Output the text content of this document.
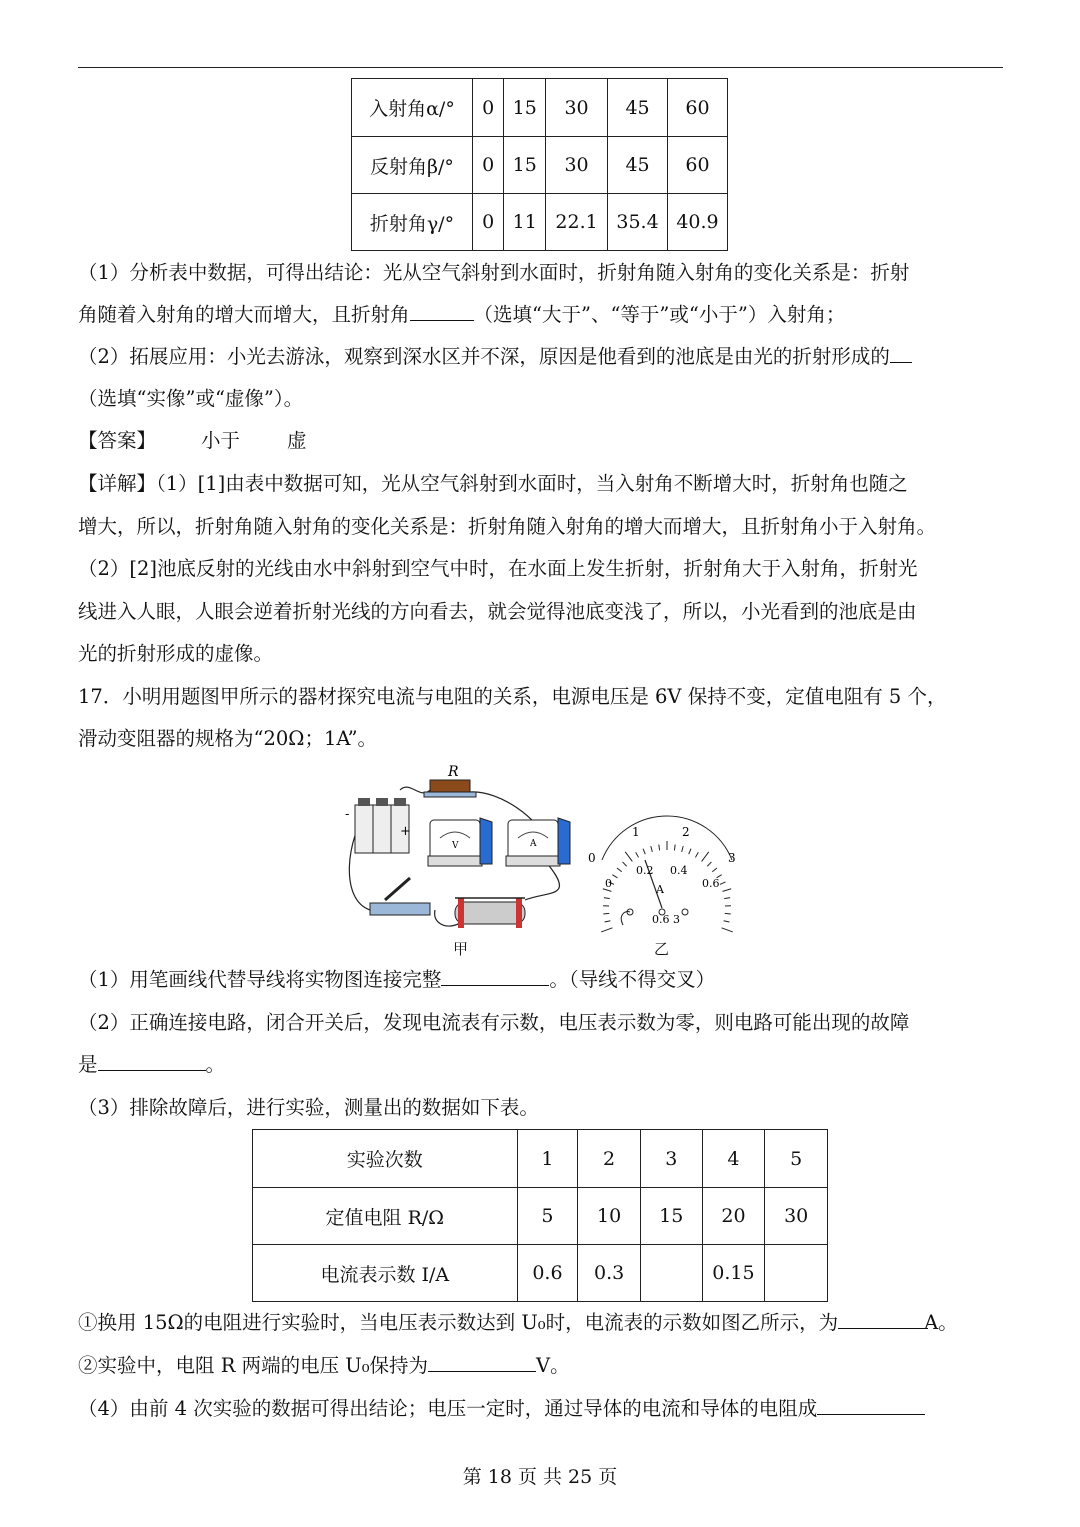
入射角α/°	0	15	30	45	60
反射角β/°	0	15	30	45	60
折射角γ/°	0	11	22.1	35.4	40.9
（1）分析表中数据，可得出结论：光从空气斜射到水面时，折射角随入射角的变化关系是：折射
角随着入射角的增大而增大，且折射角	（选填“大于”、“等于”或“小于”）入射角；
（2）拓展应用：小光去游泳，观察到深水区并不深，原因是他看到的池底是由光的折射形成的
（选填“实像”或“虚像”）。
【答案】 小于 虚
【详解】（1）[1]由表中数据可知，光从空气斜射到水面时，当入射角不断增大时，折射角也随之
增大，所以，折射角随入射角的变化关系是：折射角随入射角的增大而增大，且折射角小于入射角。
（2）[2]池底反射的光线由水中斜射到空气中时，在水面上发生折射，折射角大于入射角，折射光
线进入人眼，人眼会逆着折射光线的方向看去，就会觉得池底变浅了，所以，小光看到的池底是由
光的折射形成的虚像。
17．小明用题图甲所示的器材探究电流与电阻的关系，电源电压是 6V 保持不变，定值电阻有 5 个，
滑动变阻器的规格为“20Ω；1A”。
-
+
R
V	A
0
1	2
3
0
0.2 0.4
0.6
A
0.6 3
甲	乙
（1）用笔画线代替导线将实物图连接完整	。（导线不得交叉）
（2）正确连接电路，闭合开关后，发现电流表有示数，电压表示数为零，则电路可能出现的故障
是	。
（3）排除故障后，进行实验，测量出的数据如下表。
实验次数	1	2	3	4	5
定值电阻 R/Ω	5	10	15	20	30
电流表示数 I/A	0.6	0.3		0.15	
①换用 15Ω的电阻进行实验时，当电压表示数达到 U₀时，电流表的示数如图乙所示，为	A。
②实验中，电阻 R 两端的电压 U₀保持为	V。
（4）由前 4 次实验的数据可得出结论；电压一定时，通过导体的电流和导体的电阻成
第 18 页 共 25 页
